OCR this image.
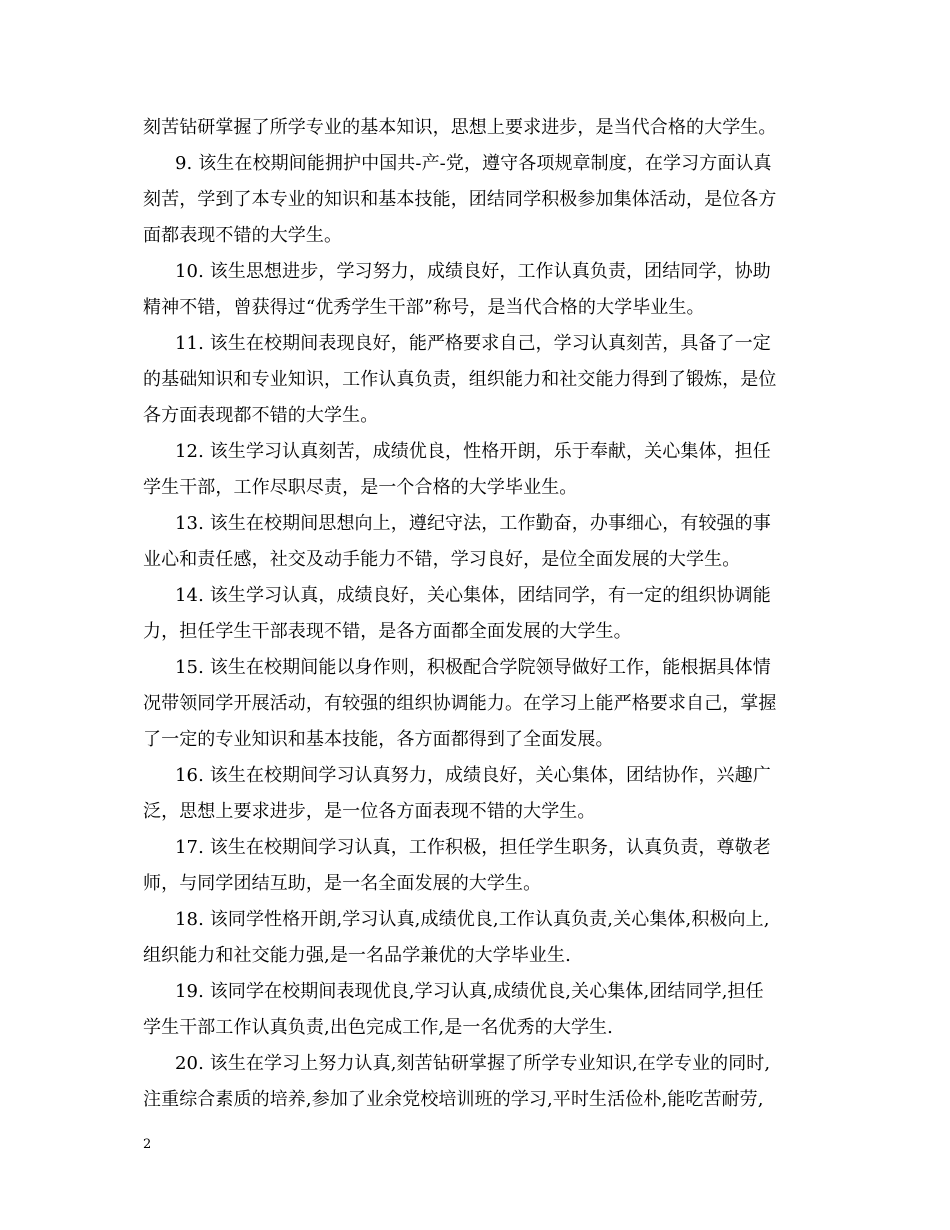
刻苦钻研掌握了所学专业的基本知识，思想上要求进步，是当代合格的大学生。
9. 该生在校期间能拥护中国共-产-党，遵守各项规章制度，在学习方面认真
刻苦，学到了本专业的知识和基本技能，团结同学积极参加集体活动，是位各方
面都表现不错的大学生。
10. 该生思想进步，学习努力，成绩良好，工作认真负责，团结同学，协助
精神不错，曾获得过“优秀学生干部”称号，是当代合格的大学毕业生。
11. 该生在校期间表现良好，能严格要求自己，学习认真刻苦，具备了一定
的基础知识和专业知识，工作认真负责，组织能力和社交能力得到了锻炼，是位
各方面表现都不错的大学生。
12. 该生学习认真刻苦，成绩优良，性格开朗，乐于奉献，关心集体，担任
学生干部，工作尽职尽责，是一个合格的大学毕业生。
13. 该生在校期间思想向上，遵纪守法，工作勤奋，办事细心，有较强的事
业心和责任感，社交及动手能力不错，学习良好，是位全面发展的大学生。
14. 该生学习认真，成绩良好，关心集体，团结同学，有一定的组织协调能
力，担任学生干部表现不错，是各方面都全面发展的大学生。
15. 该生在校期间能以身作则，积极配合学院领导做好工作，能根据具体情
况带领同学开展活动，有较强的组织协调能力。在学习上能严格要求自己，掌握
了一定的专业知识和基本技能，各方面都得到了全面发展。
16. 该生在校期间学习认真努力，成绩良好，关心集体，团结协作，兴趣广
泛，思想上要求进步，是一位各方面表现不错的大学生。
17. 该生在校期间学习认真，工作积极，担任学生职务，认真负责，尊敬老
师，与同学团结互助，是一名全面发展的大学生。
18. 该同学性格开朗,学习认真,成绩优良,工作认真负责,关心集体,积极向上,
组织能力和社交能力强,是一名品学兼优的大学毕业生.
19. 该同学在校期间表现优良,学习认真,成绩优良,关心集体,团结同学,担任
学生干部工作认真负责,出色完成工作,是一名优秀的大学生.
20. 该生在学习上努力认真,刻苦钻研掌握了所学专业知识,在学专业的同时,
注重综合素质的培养,参加了业余党校培训班的学习,平时生活俭朴,能吃苦耐劳,
2
